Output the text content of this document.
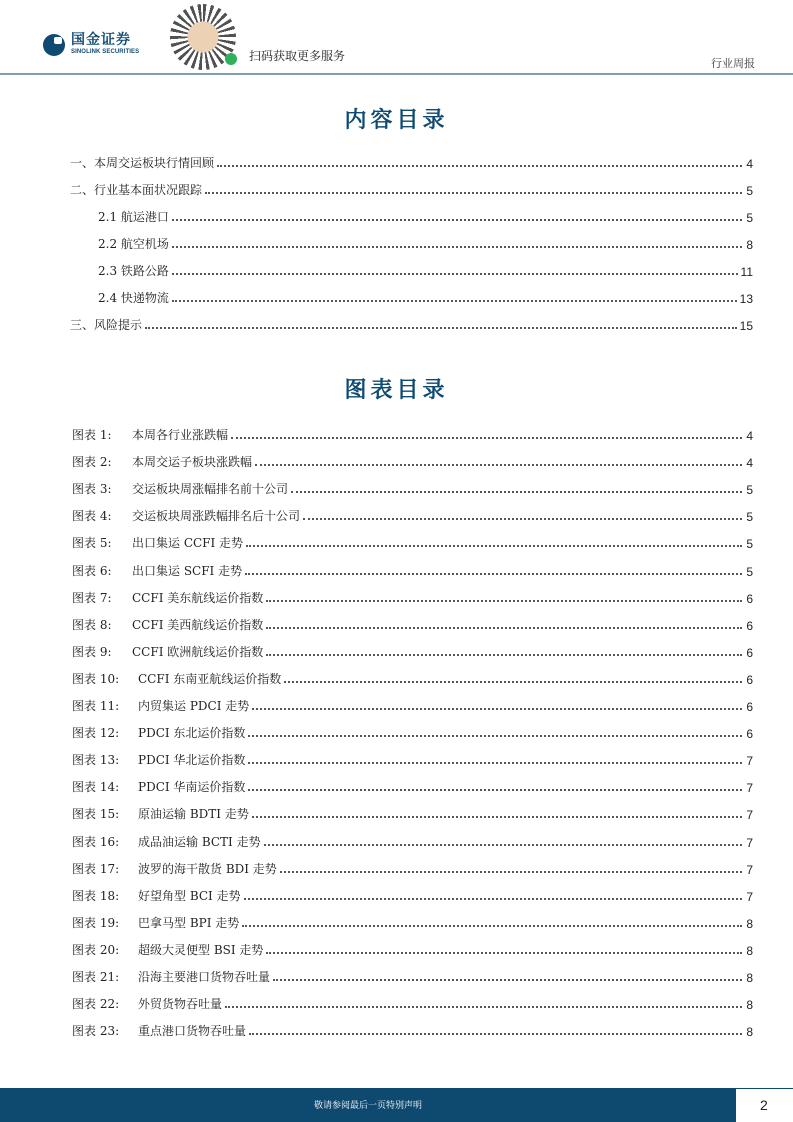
国金证券
SINOLINK SECURITIES	扫码获取更多服务
行业周报
内容目录
一、本周交运板块行情回顾	4
二、行业基本面状况跟踪	5
2.1 航运港口	5
2.2 航空机场	8
2.3 铁路公路	11
2.4 快递物流	13
三、风险提示	15
图表目录
图表 1:	本周各行业涨跌幅	4
图表 2:	本周交运子板块涨跌幅	4
图表 3:	交运板块周涨幅排名前十公司	5
图表 4:	交运板块周涨跌幅排名后十公司	5
图表 5:	出口集运 CCFI 走势	5
图表 6:	出口集运 SCFI 走势	5
图表 7:	CCFI 美东航线运价指数	6
图表 8:	CCFI 美西航线运价指数	6
图表 9:	CCFI 欧洲航线运价指数	6
图表 10:	CCFI 东南亚航线运价指数	6
图表 11:	内贸集运 PDCI 走势	6
图表 12:	PDCI 东北运价指数	6
图表 13:	PDCI 华北运价指数	7
图表 14:	PDCI 华南运价指数	7
图表 15:	原油运输 BDTI 走势	7
图表 16:	成品油运输 BCTI 走势	7
图表 17:	波罗的海干散货 BDI 走势	7
图表 18:	好望角型 BCI 走势	7
图表 19:	巴拿马型 BPI 走势	8
图表 20:	超级大灵便型 BSI 走势	8
图表 21:	沿海主要港口货物吞吐量	8
图表 22:	外贸货物吞吐量	8
图表 23:	重点港口货物吞吐量	8
敬请参阅最后一页特别声明	2
